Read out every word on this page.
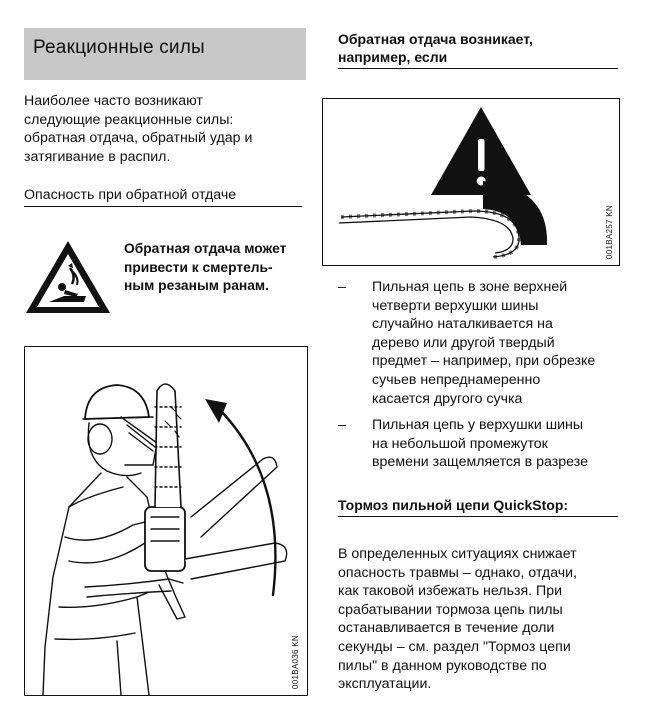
Реакционные силы
Наиболее часто возникают
следующие реакционные силы:
обратная отдача, обратный удар и
затягивание в распил.
Опасность при обратной отдаче
Обратная отдача может
привести к смертель-
ным резаным ранам.
001BA036 KN
Обратная отдача возникает,
например, если
001BA257 KN
–	Пильная цепь в зоне верхней
четверти верхушки шины
случайно наталкивается на
дерево или другой твердый
предмет – например, при обрезке
сучьев непреднамеренно
касается другого сучка
–	Пильная цепь у верхушки шины
на небольшой промежуток
времени защемляется в разрезе
Тормоз пильной цепи QuickStop:
В определенных ситуациях снижает
опасность травмы – однако, отдачи,
как таковой избежать нельзя. При
срабатывании тормоза цепь пилы
останавливается в течение доли
секунды – см. раздел "Тормоз цепи
пилы" в данном руководстве по
эксплуатации.
